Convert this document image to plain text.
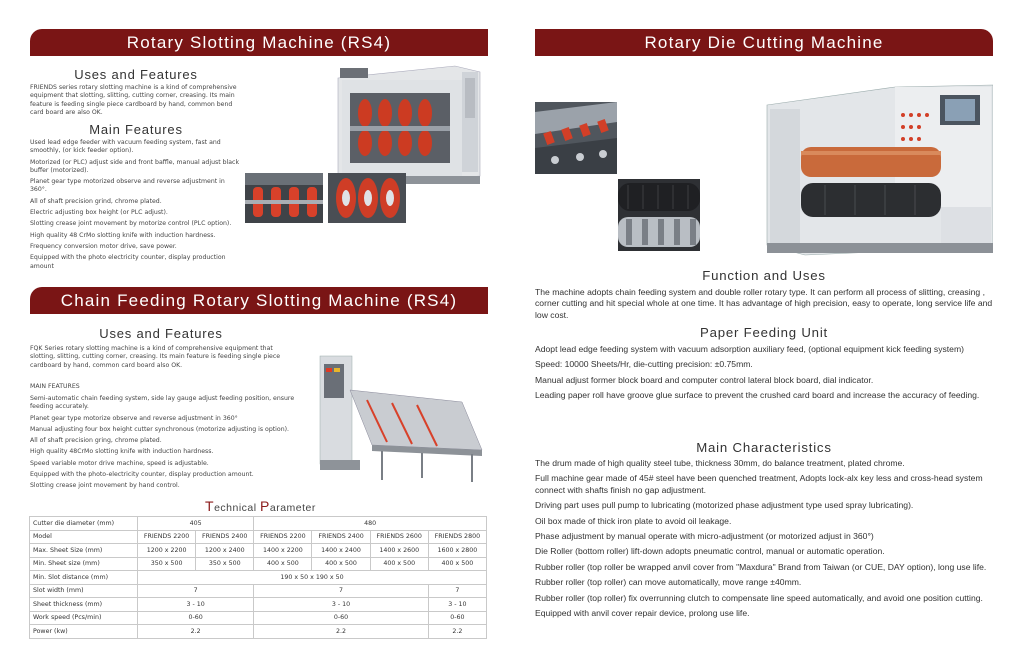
Rotary Slotting Machine (RS4)
Uses and Features
FRIENDS series rotary slotting machine is a kind of comprehensive equipment that slotting, slitting, cutting corner, creasing. Its main feature is feeding single piece cardboard by hand, common bend card board are also OK.
Main Features

Used lead edge feeder with vacuum feeding system, fast and smoothly, (or kick feeder option).

Motorized (or PLC) adjust side and front baffle, manual adjust black buffer (motorized).

Planet gear type motorized observe and reverse adjustment in 360°.

All of shaft precision grind, chrome plated.

Electric adjusting box height (or PLC adjust).

Slotting crease joint movement by motorize control (PLC option).

High quality 48 CrMo slotting knife with induction hardness.

Frequency conversion motor drive, save power.

Equipped with the photo electricity counter, display production amount

Chain Feeding Rotary Slotting Machine (RS4)
Uses and Features
FQK Series rotary slotting machine is a kind of comprehensive equipment that slotting, slitting, cutting corner, creasing. Its main feature is feeding single piece cardboard by hand, common card board also OK.
MAIN FEATURES

Semi-automatic chain feeding system, side lay gauge adjust feeding position, ensure feeding accurately.

Planet gear type motorize observe and reverse adjustment in 360°

Manual adjusting four box height cutter synchronous (motorize adjusting is option).

All of shaft precision gring, chrome plated.

High quality 48CrMo slotting knife with induction hardness.

Speed variable motor drive machine, speed is adjustable.

Equipped with the photo-electricity counter, display production amount.

Slotting crease joint movement by hand control.

Technical Parameter
Cutter die diameter (mm)	405		480			
Model	FRIENDS 2200	FRIENDS 2400	FRIENDS 2200	FRIENDS 2400	FRIENDS 2600	FRIENDS 2800
Max. Sheet Size (mm)	1200 x 2200	1200 x 2400	1400 x 2200	1400 x 2400	1400 x 2600	1600 x 2800
Min. Sheet size (mm)	350 x 500	350 x 500	400 x 500	400 x 500	400 x 500	400 x 500
Min. Slot distance (mm)	190 x 50 x 190 x 50					
Slot width (mm)	7		7			7
Sheet thickness (mm)	3 - 10		3 - 10			3 - 10
Work speed (Pcs/min)	0-60		0-60			0-60
Power (kw)	2.2		2.2			2.2
Rotary Die Cutting Machine
Function and Uses
The machine adopts chain feeding system and double roller rotary type. It can perform all process of slitting, creasing , corner cutting and hit special whole at one time. It has advantage of high precision, easy to operate, long service life and low cost.
Paper Feeding Unit

Adopt lead edge feeding system with vacuum adsorption auxiliary feed, (optional equipment kick feeding system)

Speed: 10000 Sheets/Hr, die-cutting precision: ±0.75mm.

Manual adjust former block board and computer control lateral block board, dial indicator.

Leading paper roll have groove glue surface to prevent the crushed card board and increase the accuracy of feeding.

Main Characteristics

The drum made of high quality steel tube, thickness 30mm, do balance treatment, plated chrome.

Full machine gear made of 45# steel have been quenched treatment, Adopts lock-alx key less and cross-head system connect with shafts finish no gap adjustment.

Driving part uses pull pump to lubricating (motorized phase adjustment type used spray lubricating).

Oil box made of thick iron plate to avoid oil leakage.

Phase adjustment by manual operate with micro-adjustment (or motorized adjust in 360°)

Die Roller (bottom roller) lift-down adopts pneumatic control, manual or automatic operation.

Rubber roller (top roller be wrapped anvil cover from "Maxdura" Brand from Taiwan (or CUE, DAY option), long use life.

Rubber roller (top roller) can move automatically, move range ±40mm.

Rubber roller (top roller) fix overrunning clutch to compensate line speed automatically, and avoid one position cutting.

Equipped with anvil cover repair device, prolong use life.
